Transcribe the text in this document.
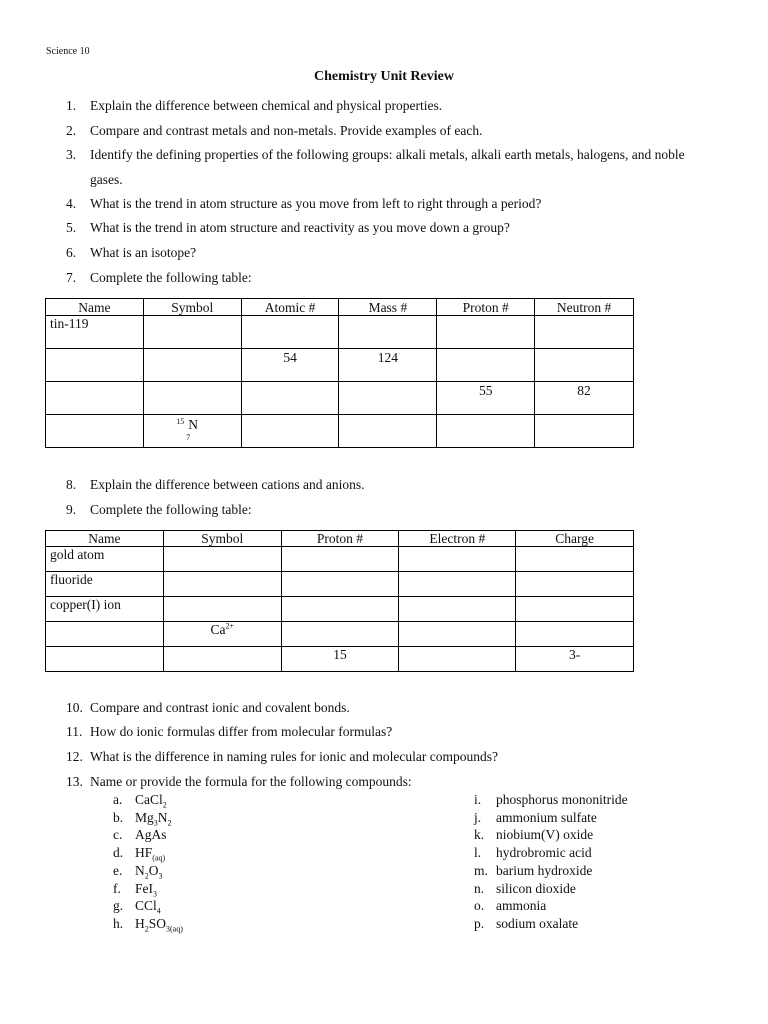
Science 10
Chemistry Unit Review
1. Explain the difference between chemical and physical properties.
2. Compare and contrast metals and non-metals. Provide examples of each.
3. Identify the defining properties of the following groups: alkali metals, alkali earth metals, halogens, and noble
gases.
4. What is the trend in atom structure as you move from left to right through a period?
5. What is the trend in atom structure and reactivity as you move down a group?
6. What is an isotope?
7. Complete the following table:
Name	Symbol	Atomic #	Mass #	Proton #	Neutron #
tin-119					
		54	124		
				55	82

	15 N
7				

8. Explain the difference between cations and anions.
9. Complete the following table:
Name	Symbol	Proton #	Electron #	Charge
gold atom				
fluoride				
copper(I) ion				
	$Ca^{2+}$			
		15		3-
10. Compare and contrast ionic and covalent bonds.
11. How do ionic formulas differ from molecular formulas?
12. What is the difference in naming rules for ionic and molecular compounds?
13. Name or provide the formula for the following compounds:
a. CaCl$_2$
b. $Mg_3N_2$
c. AgAs
d. $HF_{(aq)}$
e. $N_2O_3$
f. FeI$_3$
g. CCl$_4$
h. $H_2SO_{3(aq)}$
i. phosphorus mononitride
j. ammonium sulfate
k. niobium(V) oxide
l. hydrobromic acid
m. barium hydroxide
n. silicon dioxide
o. ammonia
p. sodium oxalate
